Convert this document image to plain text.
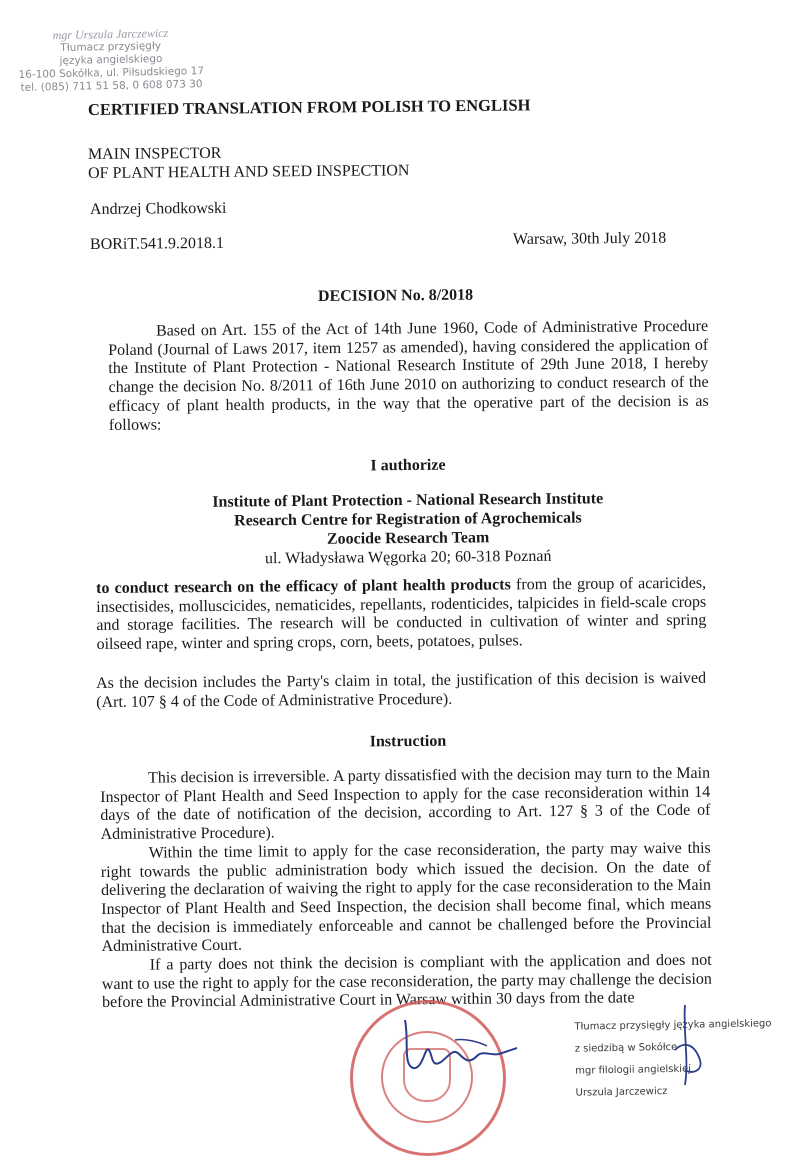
mgr Urszula Jarczewicz
Tłumacz przysięgły
języka angielskiego
16-100 Sokółka, ul. Piłsudskiego 17
tel. (085) 711 51 58, 0 608 073 30
CERTIFIED TRANSLATION FROM POLISH TO ENGLISH
MAIN INSPECTOR
OF PLANT HEALTH AND SEED INSPECTION
Andrzej Chodkowski
BORiT.541.9.2018.1	Warsaw, 30th July 2018
DECISION No. 8/2018
Based on Art. 155 of the Act of 14th June 1960, Code of Administrative Procedure Poland (Journal of Laws 2017, item 1257 as amended), having considered the application of the Institute of Plant Protection - National Research Institute of 29th June 2018, I hereby change the decision No. 8/2011 of 16th June 2010 on authorizing to conduct research of the efficacy of plant health products, in the way that the operative part of the decision is as follows:
I authorize
Institute of Plant Protection - National Research Institute
Research Centre for Registration of Agrochemicals
Zoocide Research Team
ul. Władysława Węgorka 20; 60-318 Poznań
to conduct research on the efficacy of plant health products from the group of acaricides, insectisides, molluscicides, nematicides, repellants, rodenticides, talpicides in field-scale crops and storage facilities. The research will be conducted in cultivation of winter and spring oilseed rape, winter and spring crops, corn, beets, potatoes, pulses.
As the decision includes the Party's claim in total, the justification of this decision is waived (Art. 107 § 4 of the Code of Administrative Procedure).
Instruction
This decision is irreversible. A party dissatisfied with the decision may turn to the Main Inspector of Plant Health and Seed Inspection to apply for the case reconsideration within 14 days of the date of notification of the decision, according to Art. 127 § 3 of the Code of Administrative Procedure).
Within the time limit to apply for the case reconsideration, the party may waive this right towards the public administration body which issued the decision. On the date of delivering the declaration of waiving the right to apply for the case reconsideration to the Main Inspector of Plant Health and Seed Inspection, the decision shall become final, which means that the decision is immediately enforceable and cannot be challenged before the Provincial Administrative Court.
If a party does not think the decision is compliant with the application and does not want to use the right to apply for the case reconsideration, the party may challenge the decision before the Provincial Administrative Court in Warsaw within 30 days from the date
Tłumacz przysięgły języka angielskiego
z siedzibą w Sokółce
mgr filologii angielskiej
Urszula Jarczewicz
